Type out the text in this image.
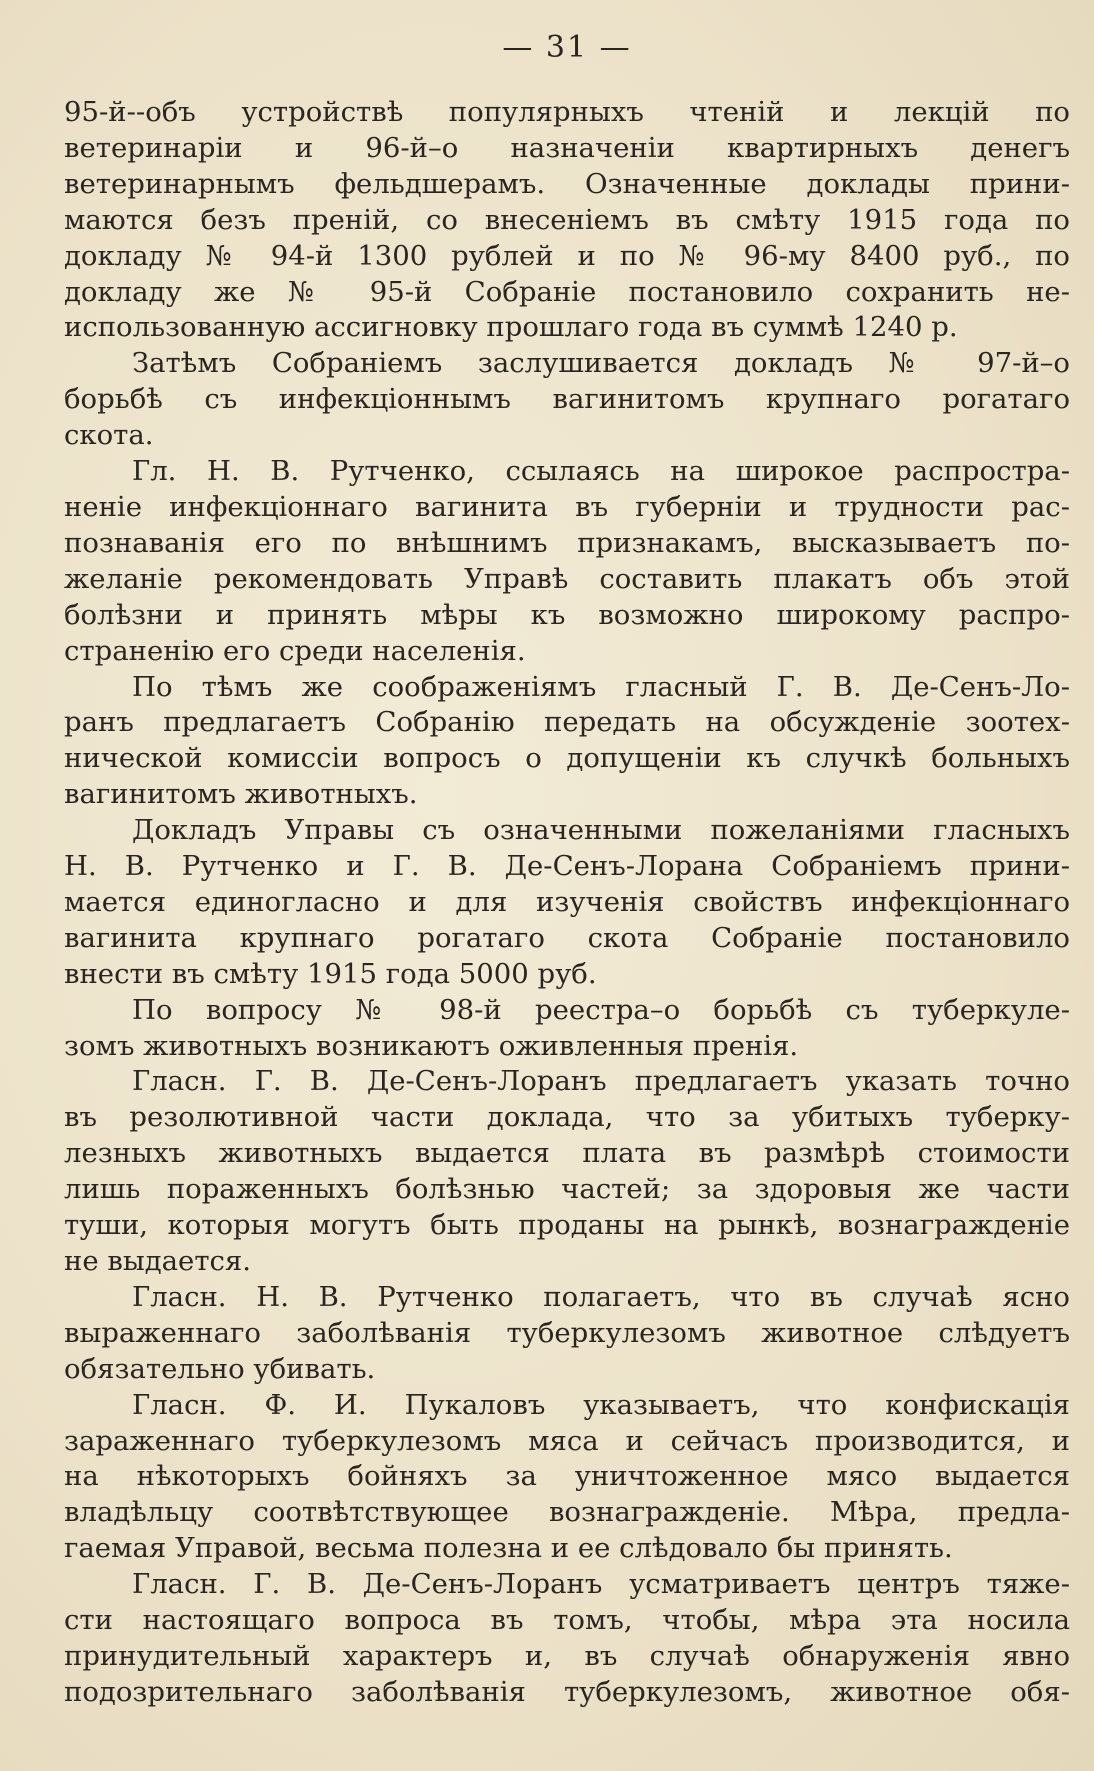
— 31 —
95-й--объ устройствѣ популярныхъ чтенiй и лекцiй по
ветеринарiи и 96-й–о назначенiи квартирныхъ денегъ
ветеринарнымъ фельдшерамъ. Означенные доклады прини-
маются безъ пренiй, со внесенiемъ въ смѣту 1915 года по
докладу № 94-й 1300 рублей и по № 96-му 8400 руб., по
докладу же № 95-й Собранiе постановило сохранить не-
использованную ассигновку прошлаго года въ суммѣ 1240 р.
Затѣмъ Собранiемъ заслушивается докладъ № 97-й–о
борьбѣ съ инфекцiоннымъ вагинитомъ крупнаго рогатаго
скота.
Гл. Н. В. Рутченко, ссылаясь на широкое распростра-
ненiе инфекцiоннаго вагинита въ губернiи и трудности рас-
познаванiя его по внѣшнимъ признакамъ, высказываетъ по-
желанiе рекомендовать Управѣ составить плакатъ объ этой
болѣзни и принять мѣры къ возможно широкому распро-
страненiю его среди населенiя.
По тѣмъ же соображенiямъ гласный Г. В. Де-Сенъ-Ло-
ранъ предлагаетъ Собранiю передать на обсужденiе зоотех-
нической комиссiи вопросъ о допущенiи къ случкѣ больныхъ
вагинитомъ животныхъ.
Докладъ Управы съ означенными пожеланiями гласныхъ
Н. В. Рутченко и Г. В. Де-Сенъ-Лорана Собранiемъ прини-
мается единогласно и для изученiя свойствъ инфекцiоннаго
вагинита крупнаго рогатаго скота Собранiе постановило
внести въ смѣту 1915 года 5000 руб.
По вопросу № 98-й реестра–о борьбѣ съ туберкуле-
зомъ животныхъ возникаютъ оживленныя пренiя.
Гласн. Г. В. Де-Сенъ-Лоранъ предлагаетъ указать точно
въ резолютивной части доклада, что за убитыхъ туберку-
лезныхъ животныхъ выдается плата въ размѣрѣ стоимости
лишь пораженныхъ болѣзнью частей; за здоровыя же части
туши, которыя могутъ быть проданы на рынкѣ, вознагражденiе
не выдается.
Гласн. Н. В. Рутченко полагаетъ, что въ случаѣ ясно
выраженнаго заболѣванiя туберкулезомъ животное слѣдуетъ
обязательно убивать.
Гласн. Ф. И. Пукаловъ указываетъ, что конфискацiя
зараженнаго туберкулезомъ мяса и сейчасъ производится, и
на нѣкоторыхъ бойняхъ за уничтоженное мясо выдается
владѣльцу соотвѣтствующее вознагражденiе. Мѣра, предла-
гаемая Управой, весьма полезна и ее слѣдовало бы принять.
Гласн. Г. В. Де-Сенъ-Лоранъ усматриваетъ центръ тяже-
сти настоящаго вопроса въ томъ, чтобы, мѣра эта носила
принудительный характеръ и, въ случаѣ обнаруженiя явно
подозрительнаго заболѣванiя туберкулезомъ, животное обя-
